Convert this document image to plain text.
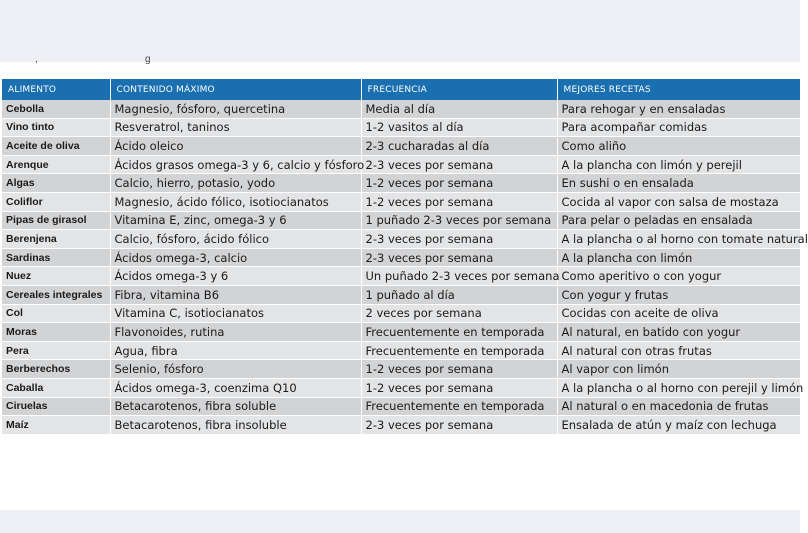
,	g
ALIMENTO	CONTENIDO MÁXIMO	FRECUENCIA	MEJORES RECETAS
Cebolla	Magnesio, fósforo, quercetina	Media al día	Para rehogar y en ensaladas
Vino tinto	Resveratrol, taninos	1-2 vasitos al día	Para acompañar comidas
Aceite de oliva	Ácido oleico	2-3 cucharadas al día	Como aliño
Arenque	Ácidos grasos omega-3 y 6, calcio y fósforo	2-3 veces por semana	A la plancha con limón y perejil
Algas	Calcio, hierro, potasio, yodo	1-2 veces por semana	En sushi o en ensalada
Coliflor	Magnesio, ácido fólico, isotiocianatos	1-2 veces por semana	Cocida al vapor con salsa de mostaza
Pipas de girasol	Vitamina E, zinc, omega-3 y 6	1 puñado 2-3 veces por semana	Para pelar o peladas en ensalada
Berenjena	Calcio, fósforo, ácido fólico	2-3 veces por semana	A la plancha o al horno con tomate natural
Sardinas	Ácidos omega-3, calcio	2-3 veces por semana	A la plancha con limón
Nuez	Ácidos omega-3 y 6	Un puñado 2-3 veces por semana	Como aperitivo o con yogur
Cereales integrales	Fibra, vitamina B6	1 puñado al día	Con yogur y frutas
Col	Vitamina C, isotiocianatos	2 veces por semana	Cocidas con aceite de oliva
Moras	Flavonoides, rutina	Frecuentemente en temporada	Al natural, en batido con yogur
Pera	Agua, fibra	Frecuentemente en temporada	Al natural con otras frutas
Berberechos	Selenio, fósforo	1-2 veces por semana	Al vapor con limón
Caballa	Ácidos omega-3, coenzima Q10	1-2 veces por semana	A la plancha o al horno con perejil y limón
Ciruelas	Betacarotenos, fibra soluble	Frecuentemente en temporada	Al natural o en macedonia de frutas
Maíz	Betacarotenos, fibra insoluble	2-3 veces por semana	Ensalada de atún y maíz con lechuga
